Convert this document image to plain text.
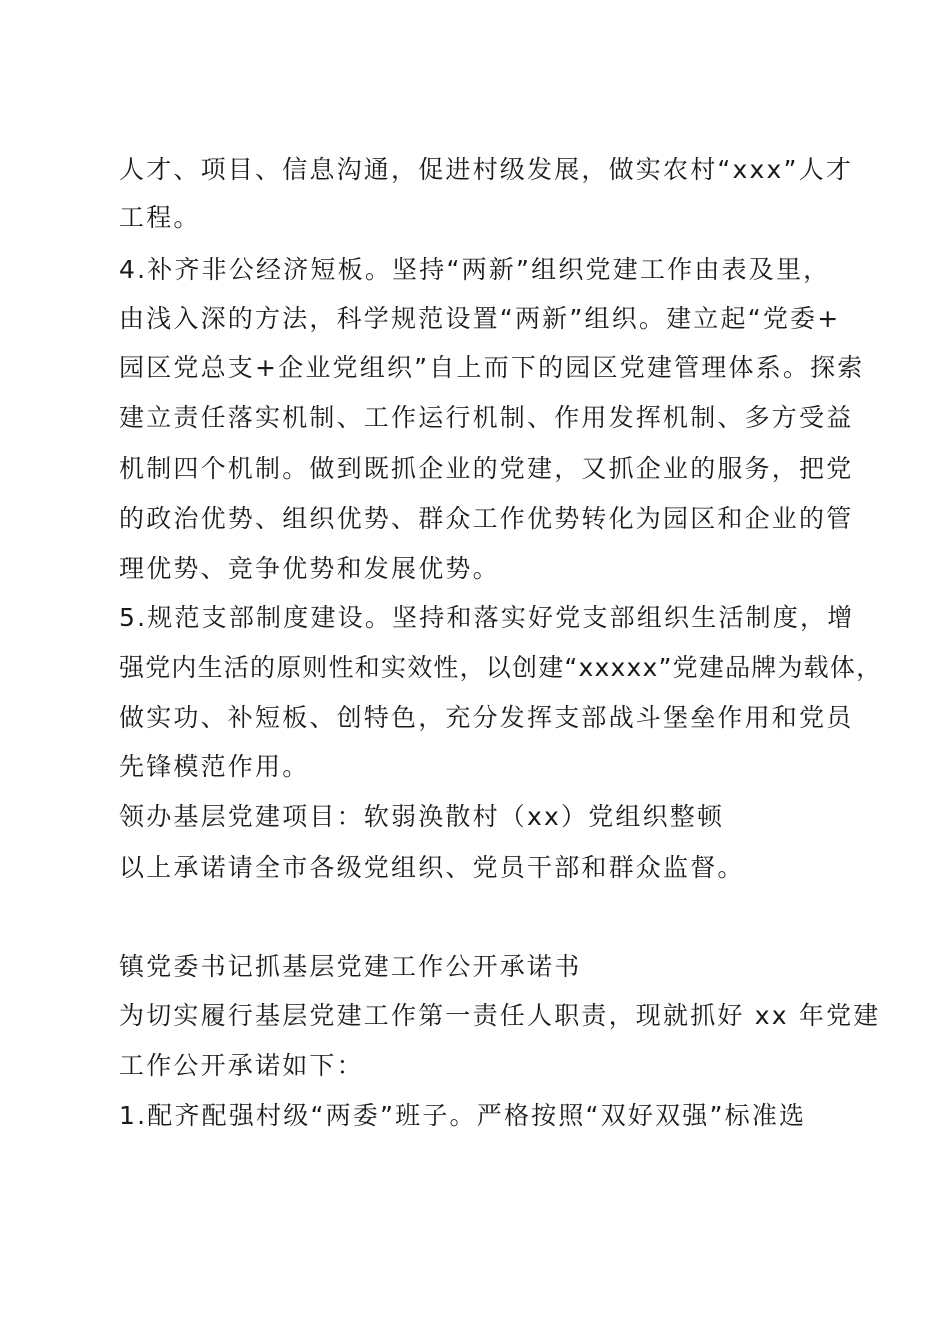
人才、项目、信息沟通，促进村级发展，做实农村“xxx”人才
工程。
4.补齐非公经济短板。坚持“两新”组织党建工作由表及里，
由浅入深的方法，科学规范设置“两新”组织。建立起“党委+
园区党总支+企业党组织”自上而下的园区党建管理体系。探索
建立责任落实机制、工作运行机制、作用发挥机制、多方受益
机制四个机制。做到既抓企业的党建，又抓企业的服务，把党
的政治优势、组织优势、群众工作优势转化为园区和企业的管
理优势、竞争优势和发展优势。
5.规范支部制度建设。坚持和落实好党支部组织生活制度，增
强党内生活的原则性和实效性，以创建“xxxxx”党建品牌为载体，
做实功、补短板、创特色，充分发挥支部战斗堡垒作用和党员
先锋模范作用。
领办基层党建项目：软弱涣散村（xx）党组织整顿
以上承诺请全市各级党组织、党员干部和群众监督。
镇党委书记抓基层党建工作公开承诺书
为切实履行基层党建工作第一责任人职责，现就抓好 xx 年党建
工作公开承诺如下：
1.配齐配强村级“两委”班子。严格按照“双好双强”标准选
